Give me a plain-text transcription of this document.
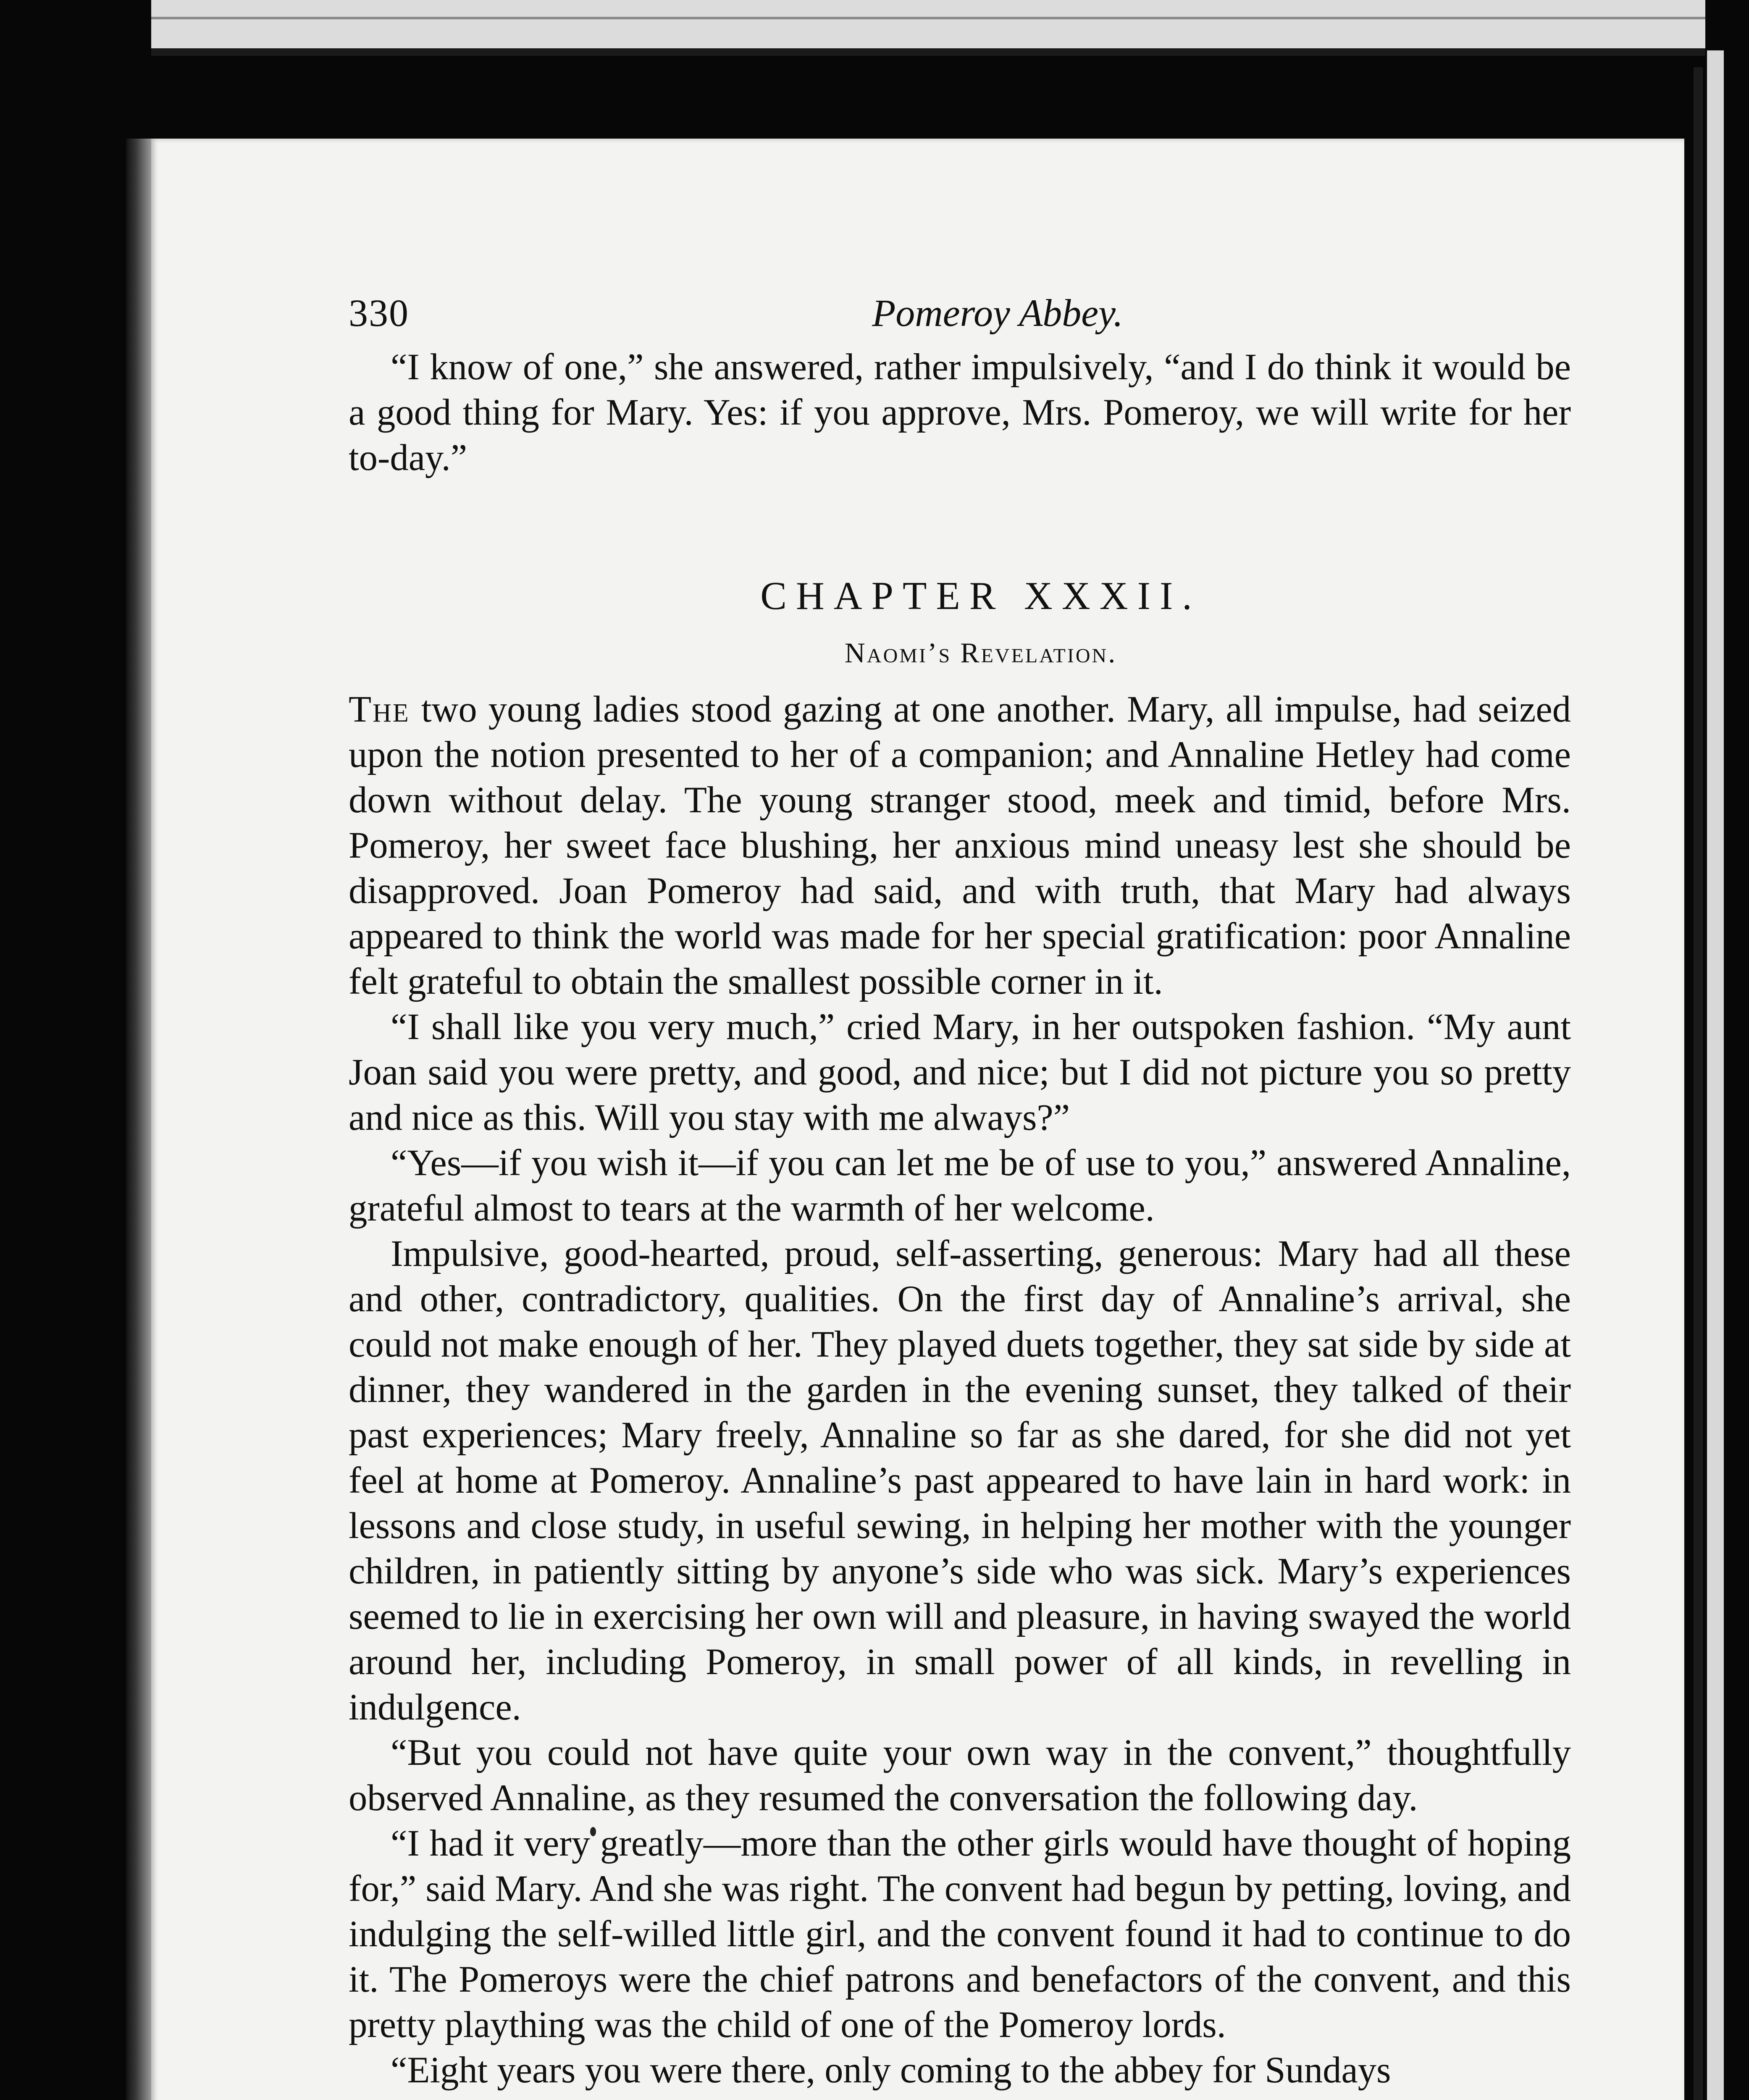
330	Pomeroy Abbey.

“I know of one,” she answered, rather impulsively, “and I do think it would be a good thing for Mary. Yes: if you approve, Mrs. Pomeroy, we will write for her to-day.”

CHAPTER XXXII.
Naomi’s Revelation.

The two young ladies stood gazing at one another. Mary, all impulse, had seized upon the notion presented to her of a companion; and Annaline Hetley had come down without delay. The young stranger stood, meek and timid, before Mrs. Pomeroy, her sweet face blushing, her anxious mind uneasy lest she should be disapproved. Joan Pomeroy had said, and with truth, that Mary had always appeared to think the world was made for her special gratification: poor Annaline felt grateful to obtain the smallest possible corner in it.

“I shall like you very much,” cried Mary, in her outspoken fashion. “My aunt Joan said you were pretty, and good, and nice; but I did not picture you so pretty and nice as this. Will you stay with me always?”

“Yes—if you wish it—if you can let me be of use to you,” answered Annaline, grateful almost to tears at the warmth of her welcome.

Impulsive, good-hearted, proud, self-asserting, generous: Mary had all these and other, contradictory, qualities. On the first day of Annaline’s arrival, she could not make enough of her. They played duets together, they sat side by side at dinner, they wandered in the garden in the evening sunset, they talked of their past experiences; Mary freely, Annaline so far as she dared, for she did not yet feel at home at Pomeroy. Annaline’s past appeared to have lain in hard work: in lessons and close study, in useful sewing, in helping her mother with the younger children, in patiently sitting by anyone’s side who was sick. Mary’s experiences seemed to lie in exercising her own will and pleasure, in having swayed the world around her, including Pomeroy, in small power of all kinds, in revelling in indulgence.

“But you could not have quite your own way in the convent,” thoughtfully observed Annaline, as they resumed the conversation the following day.

“I had it very greatly—more than the other girls would have thought of hoping for,” said Mary. And she was right. The convent had begun by petting, loving, and indulging the self-willed little girl, and the convent found it had to continue to do it. The Pomeroys were the chief patrons and benefactors of the convent, and this pretty plaything was the child of one of the Pomeroy lords.

“Eight years you were there, only coming to the abbey for Sundays
